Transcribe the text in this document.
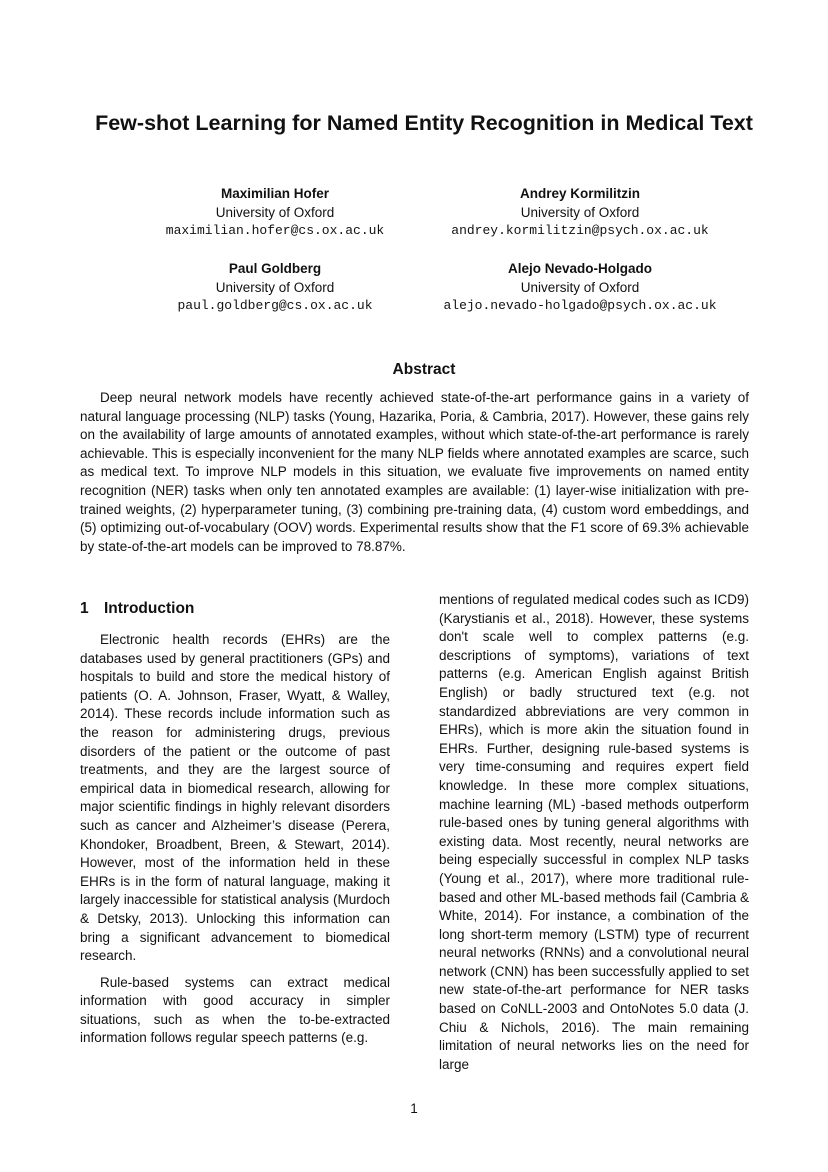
Few-shot Learning for Named Entity Recognition in Medical Text
Maximilian Hofer
University of Oxford
maximilian.hofer@cs.ox.ac.uk
Andrey Kormilitzin
University of Oxford
andrey.kormilitzin@psych.ox.ac.uk
Paul Goldberg
University of Oxford
paul.goldberg@cs.ox.ac.uk
Alejo Nevado-Holgado
University of Oxford
alejo.nevado-holgado@psych.ox.ac.uk
Abstract

Deep neural network models have recently achieved state-of-the-art performance gains in a variety of natural language processing (NLP) tasks (Young, Hazarika, Poria, & Cambria, 2017). However, these gains rely on the availability of large amounts of annotated examples, without which state-of-the-art performance is rarely achievable. This is especially inconvenient for the many NLP fields where annotated examples are scarce, such as medical text. To improve NLP models in this situation, we evaluate five improvements on named entity recognition (NER) tasks when only ten annotated examples are available: (1) layer-wise initialization with pre-trained weights, (2) hyperparameter tuning, (3) combining pre-training data, (4) custom word embeddings, and (5) optimizing out-of-vocabulary (OOV) words. Experimental results show that the F1 score of 69.3% achievable by state-of-the-art models can be improved to 78.87%.

1 Introduction

Electronic health records (EHRs) are the databases used by general practitioners (GPs) and hospitals to build and store the medical history of patients (O. A. Johnson, Fraser, Wyatt, & Walley, 2014). These records include information such as the reason for administering drugs, previous disorders of the patient or the outcome of past treatments, and they are the largest source of empirical data in biomedical research, allowing for major scientific findings in highly relevant disorders such as cancer and Alzheimer’s disease (Perera, Khondoker, Broadbent, Breen, & Stewart, 2014). However, most of the information held in these EHRs is in the form of natural language, making it largely inaccessible for statistical analysis (Murdoch & Detsky, 2013). Unlocking this information can bring a significant advancement to biomedical research.

Rule-based systems can extract medical information with good accuracy in simpler situations, such as when the to-be-extracted information follows regular speech patterns (e.g.

mentions of regulated medical codes such as ICD9) (Karystianis et al., 2018). However, these systems don't scale well to complex patterns (e.g. descriptions of symptoms), variations of text patterns (e.g. American English against British English) or badly structured text (e.g. not standardized abbreviations are very common in EHRs), which is more akin the situation found in EHRs. Further, designing rule-based systems is very time-consuming and requires expert field knowledge. In these more complex situations, machine learning (ML) -based methods outperform rule-based ones by tuning general algorithms with existing data. Most recently, neural networks are being especially successful in complex NLP tasks (Young et al., 2017), where more traditional rule-based and other ML-based methods fail (Cambria & White, 2014). For instance, a combination of the long short-term memory (LSTM) type of recurrent neural networks (RNNs) and a convolutional neural network (CNN) has been successfully applied to set new state-of-the-art performance for NER tasks based on CoNLL-2003 and OntoNotes 5.0 data (J. Chiu & Nichols, 2016). The main remaining limitation of neural networks lies on the need for large

1
